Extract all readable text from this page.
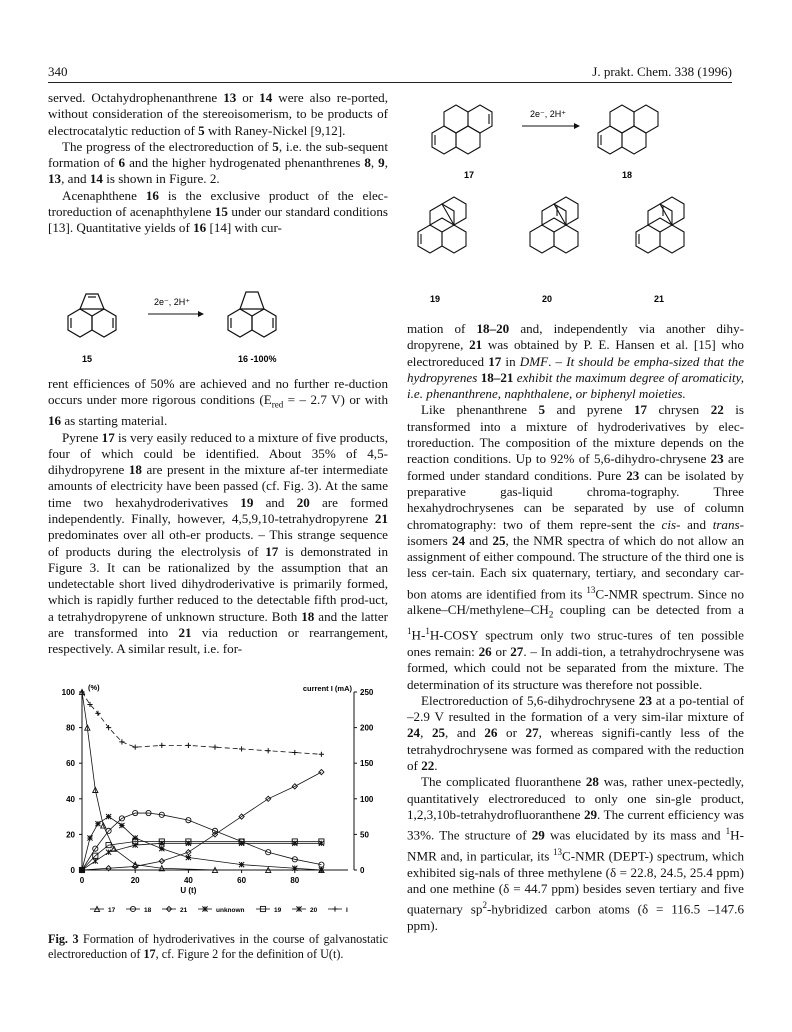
340	J. prakt. Chem. 338 (1996)

served. Octahydrophenanthrene 13 or 14 were also re-ported, without consideration of the stereoisomerism, to be products of electrocatalytic reduction of 5 with Raney-Nickel [9,12].

The progress of the electroreduction of 5, i.e. the sub-sequent formation of 6 and the higher hydrogenated phenanthrenes 8, 9, 13, and 14 is shown in Figure. 2.

Acenaphthene 16 is the exclusive product of the elec-troreduction of acenaphthylene 15 under our standard conditions [13]. Quantitative yields of 16 [14] with cur-

2e⁻, 2H⁺
15	16 -100%

rent efficiences of 50% are achieved and no further re-duction occurs under more rigorous conditions ($E_{red}$ = – 2.7 V) or with 16 as starting material.

Pyrene 17 is very easily reduced to a mixture of five products, four of which could be identified. About 35% of 4,5-dihydropyrene 18 are present in the mixture af-ter intermediate amounts of electricity have been passed (cf. Fig. 3). At the same time two hexahydroderivatives 19 and 20 are formed independently. Finally, however, 4,5,9,10-tetrahydropyrene 21 predominates over all oth-er products. – This strange sequence of products during the electrolysis of 17 is demonstrated in Figure 3. It can be rationalized by the assumption that an undetectable short lived dihydroderivative is primarily formed, which is rapidly further reduced to the detectable fifth prod-uct, a tetrahydropyrene of unknown structure. Both 18 and the latter are transformed into 21 via reduction or rearrangement, respectively. A similar result, i.e. for-

0
20
40
60
80
100
0
50
100
150
200
250
0	20	40	60	80
U (t)
(%)	current I (mA)
17	18	21	unknown	19	20	I
Fig. 3 Formation of hydroderivatives in the course of galvanostatic electroreduction of 17, cf. Figure 2 for the definition of U(t).
2e⁻, 2H⁺
17	18
19	20	21

mation of 18–20 and, independently via another dihy-dropyrene, 21 was obtained by P. E. Hansen et al. [15] who electroreduced 17 in DMF. – It should be empha-sized that the hydropyrenes 18–21 exhibit the maximum degree of aromaticity, i.e. phenanthrene, naphthalene, or biphenyl moieties.

Like phenanthrene 5 and pyrene 17 chrysen 22 is transformed into a mixture of hydroderivatives by elec-troreduction. The composition of the mixture depends on the reaction conditions. Up to 92% of 5,6-dihydro-chrysene 23 are formed under standard conditions. Pure 23 can be isolated by preparative gas-liquid chroma-tography. Three hexahydrochrysenes can be separated by use of column chromatography: two of them repre-sent the cis- and trans-isomers 24 and 25, the NMR spectra of which do not allow an assignment of either compound. The structure of the third one is less cer-tain. Each six quaternary, tertiary, and secondary car-bon atoms are identified from its $^{13}$C-NMR spectrum. Since no alkene–$CH/methylene-CH_2$ coupling can be detected from a $^1$H-$^1$H-COSY spectrum only two struc-tures of ten possible ones remain: 26 or 27. – In addi-tion, a tetrahydrochrysene was formed, which could not be separated from the mixture. The determination of its structure was therefore not possible.

Electroreduction of 5,6-dihydrochrysene 23 at a po-tential of –2.9 V resulted in the formation of a very sim-ilar mixture of 24, 25, and 26 or 27, whereas signifi-cantly less of the tetrahydrochrysene was formed as compared with the reduction of 22.

The complicated fluoranthene 28 was, rather unex-pectedly, quantitatively electroreduced to only one sin-gle product, 1,2,3,10b-tetrahydrofluoranthene 29. The current efficiency was 33%. The structure of 29 was elucidated by its mass and $^1$H-NMR and, in particular, its $^{13}$C-NMR (DEPT-) spectrum, which exhibited sig-nals of three methylene (δ = 22.8, 24.5, 25.4 ppm) and one methine (δ = 44.7 ppm) besides seven tertiary and five quaternary $sp^2$-hybridized carbon atoms (δ = 116.5 –147.6 ppm).
